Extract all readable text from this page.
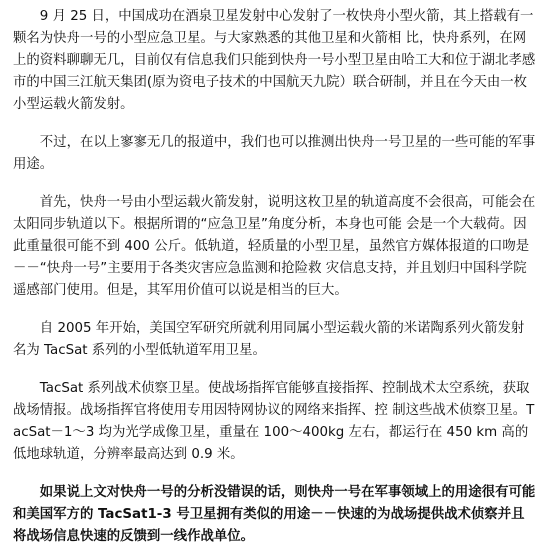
9 月 25 日，中国成功在酒泉卫星发射中心发射了一枚快舟小型火箭，其上搭载有一颗名为快舟一号的小型应急卫星。与大家熟悉的其他卫星和火箭相 比，快舟系列，在网上的资料聊聊无几，目前仅有信息我们只能到快舟一号小型卫星由哈工大和位于湖北孝感市的中国三江航天集团(原为资电子技术的中国航天九院）联合研制，并且在今天由一枚小型运载火箭发射。

不过，在以上寥寥无几的报道中，我们也可以推测出快舟一号卫星的一些可能的军事用途。

首先，快舟一号由小型运载火箭发射，说明这枚卫星的轨道高度不会很高，可能会在太阳同步轨道以下。根据所谓的“应急卫星”角度分析，本身也可能 会是一个大载荷。因此重量很可能不到 400 公斤。低轨道，轻质量的小型卫星，虽然官方媒体报道的口吻是－－“快舟一号”主要用于各类灾害应急监测和抢险救 灾信息支持，并且划归中国科学院遥感部门使用。但是，其军用价值可以说是相当的巨大。

自 2005 年开始，美国空军研究所就利用同属小型运载火箭的米诺陶系列火箭发射名为 TacSat 系列的小型低轨道军用卫星。

TacSat 系列战术侦察卫星。使战场指挥官能够直接指挥、控制战术太空系统，获取战场情报。战场指挥官将使用专用因特网协议的网络来指挥、控 制这些战术侦察卫星。TacSat－1～3 均为光学成像卫星，重量在 100～400kg 左右，都运行在 450 km 高的低地球轨道，分辨率最高达到 0.9 米。

如果说上文对快舟一号的分析没错误的话，则快舟一号在军事领域上的用途很有可能和美国军方的 TacSat1-3 号卫星拥有类似的用途－－快速的为战场提供战术侦察并且将战场信息快速的反馈到一线作战单位。
